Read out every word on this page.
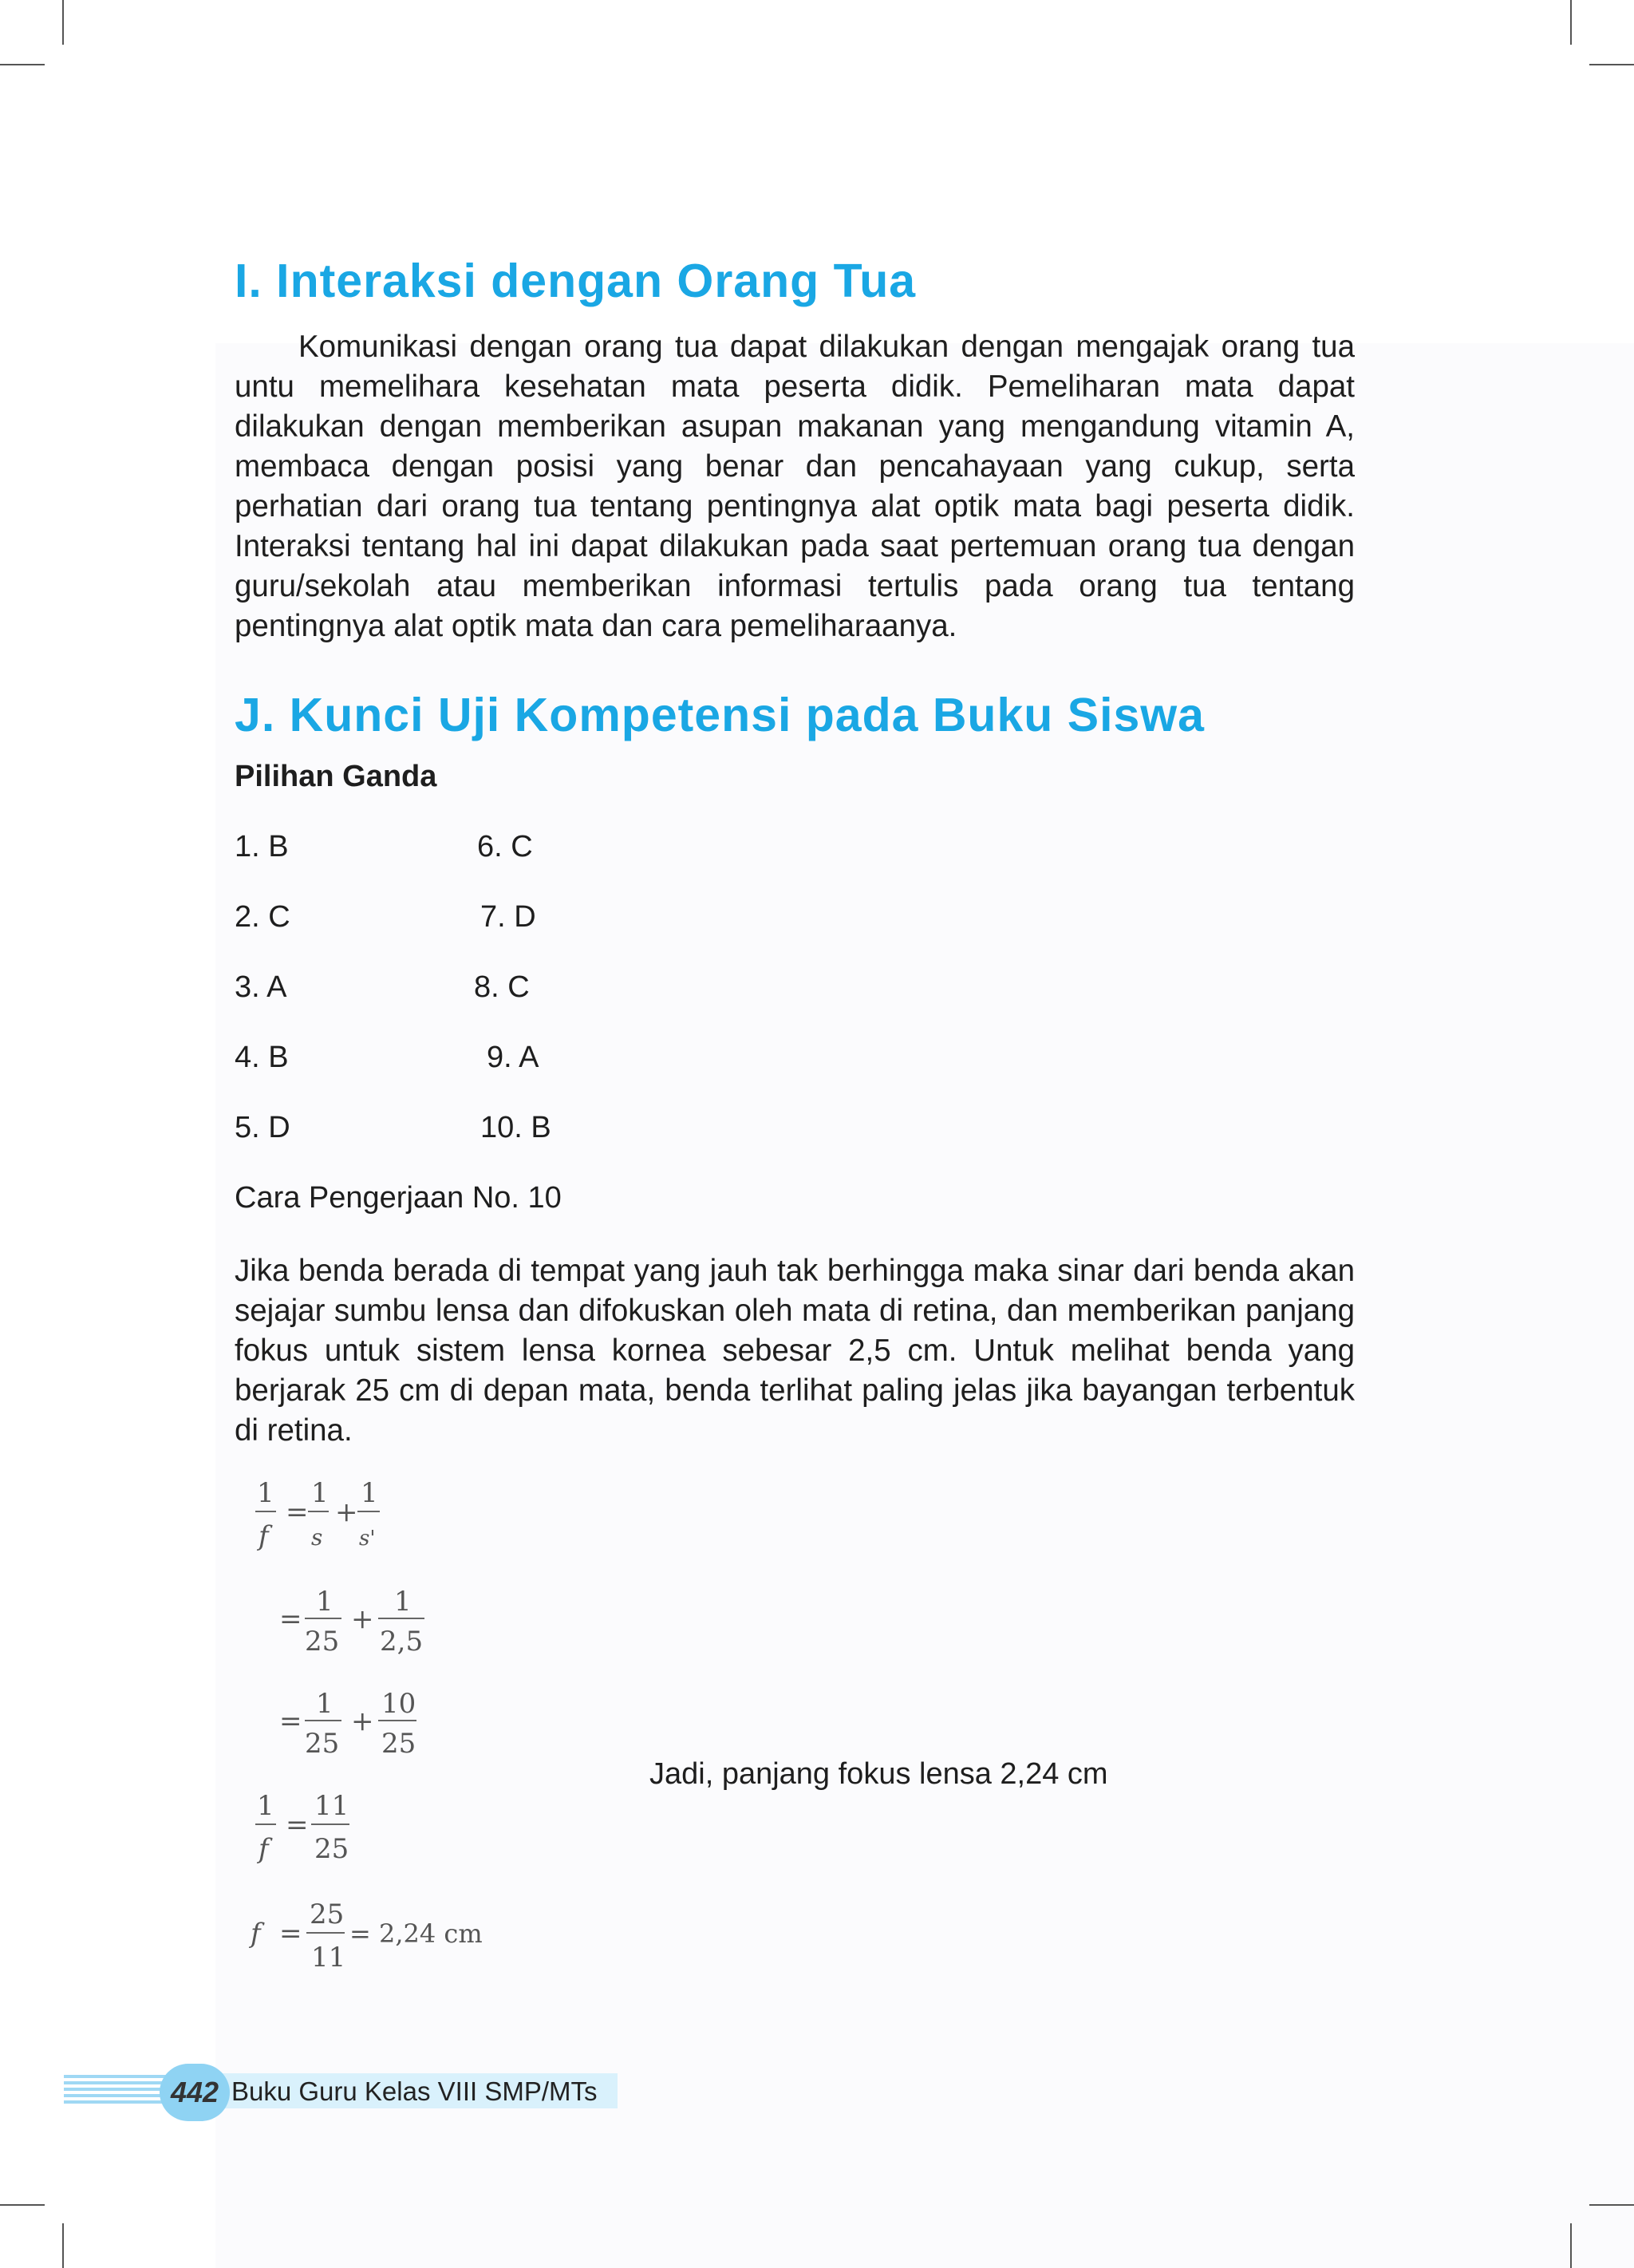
I. Interaksi dengan Orang Tua

Komunikasi dengan orang tua dapat dilakukan dengan mengajak orang tua untu memelihara kesehatan mata peserta didik. Pemeliharan mata dapat dilakukan dengan memberikan asupan makanan yang mengandung vitamin A, membaca dengan posisi yang benar dan pencahayaan yang cukup, serta perhatian dari orang tua tentang pentingnya alat optik mata bagi peserta didik. Interaksi tentang hal ini dapat dilakukan pada saat pertemuan orang tua dengan guru/sekolah atau memberikan informasi tertulis pada orang tua tentang pentingnya alat optik mata dan cara pemeliharaanya.

J. Kunci Uji Kompetensi pada Buku Siswa
Pilihan Ganda
1. B
2. C
3. A
4. B
5. D
6. C
7. D
8. C
9. A
10. B
Cara Pengerjaan No. 10

Jika benda berada di tempat yang jauh tak berhingga maka sinar dari benda akan sejajar sumbu lensa dan difokuskan oleh mata di retina, dan memberikan panjang fokus untuk sistem lensa kornea sebesar 2,5 cm. Untuk melihat benda yang berjarak 25 cm di depan mata, benda terlihat paling jelas jika bayangan terbentuk di retina.

1
f
=
1
s
+
1
s'
=
1
25
+
1
2,5
=
1
25
+
10
25
1
f
=
11
25
f =
25
11
= 2,24 cm
Jadi, panjang fokus lensa 2,24 cm
442 Buku Guru Kelas VIII SMP/MTs
